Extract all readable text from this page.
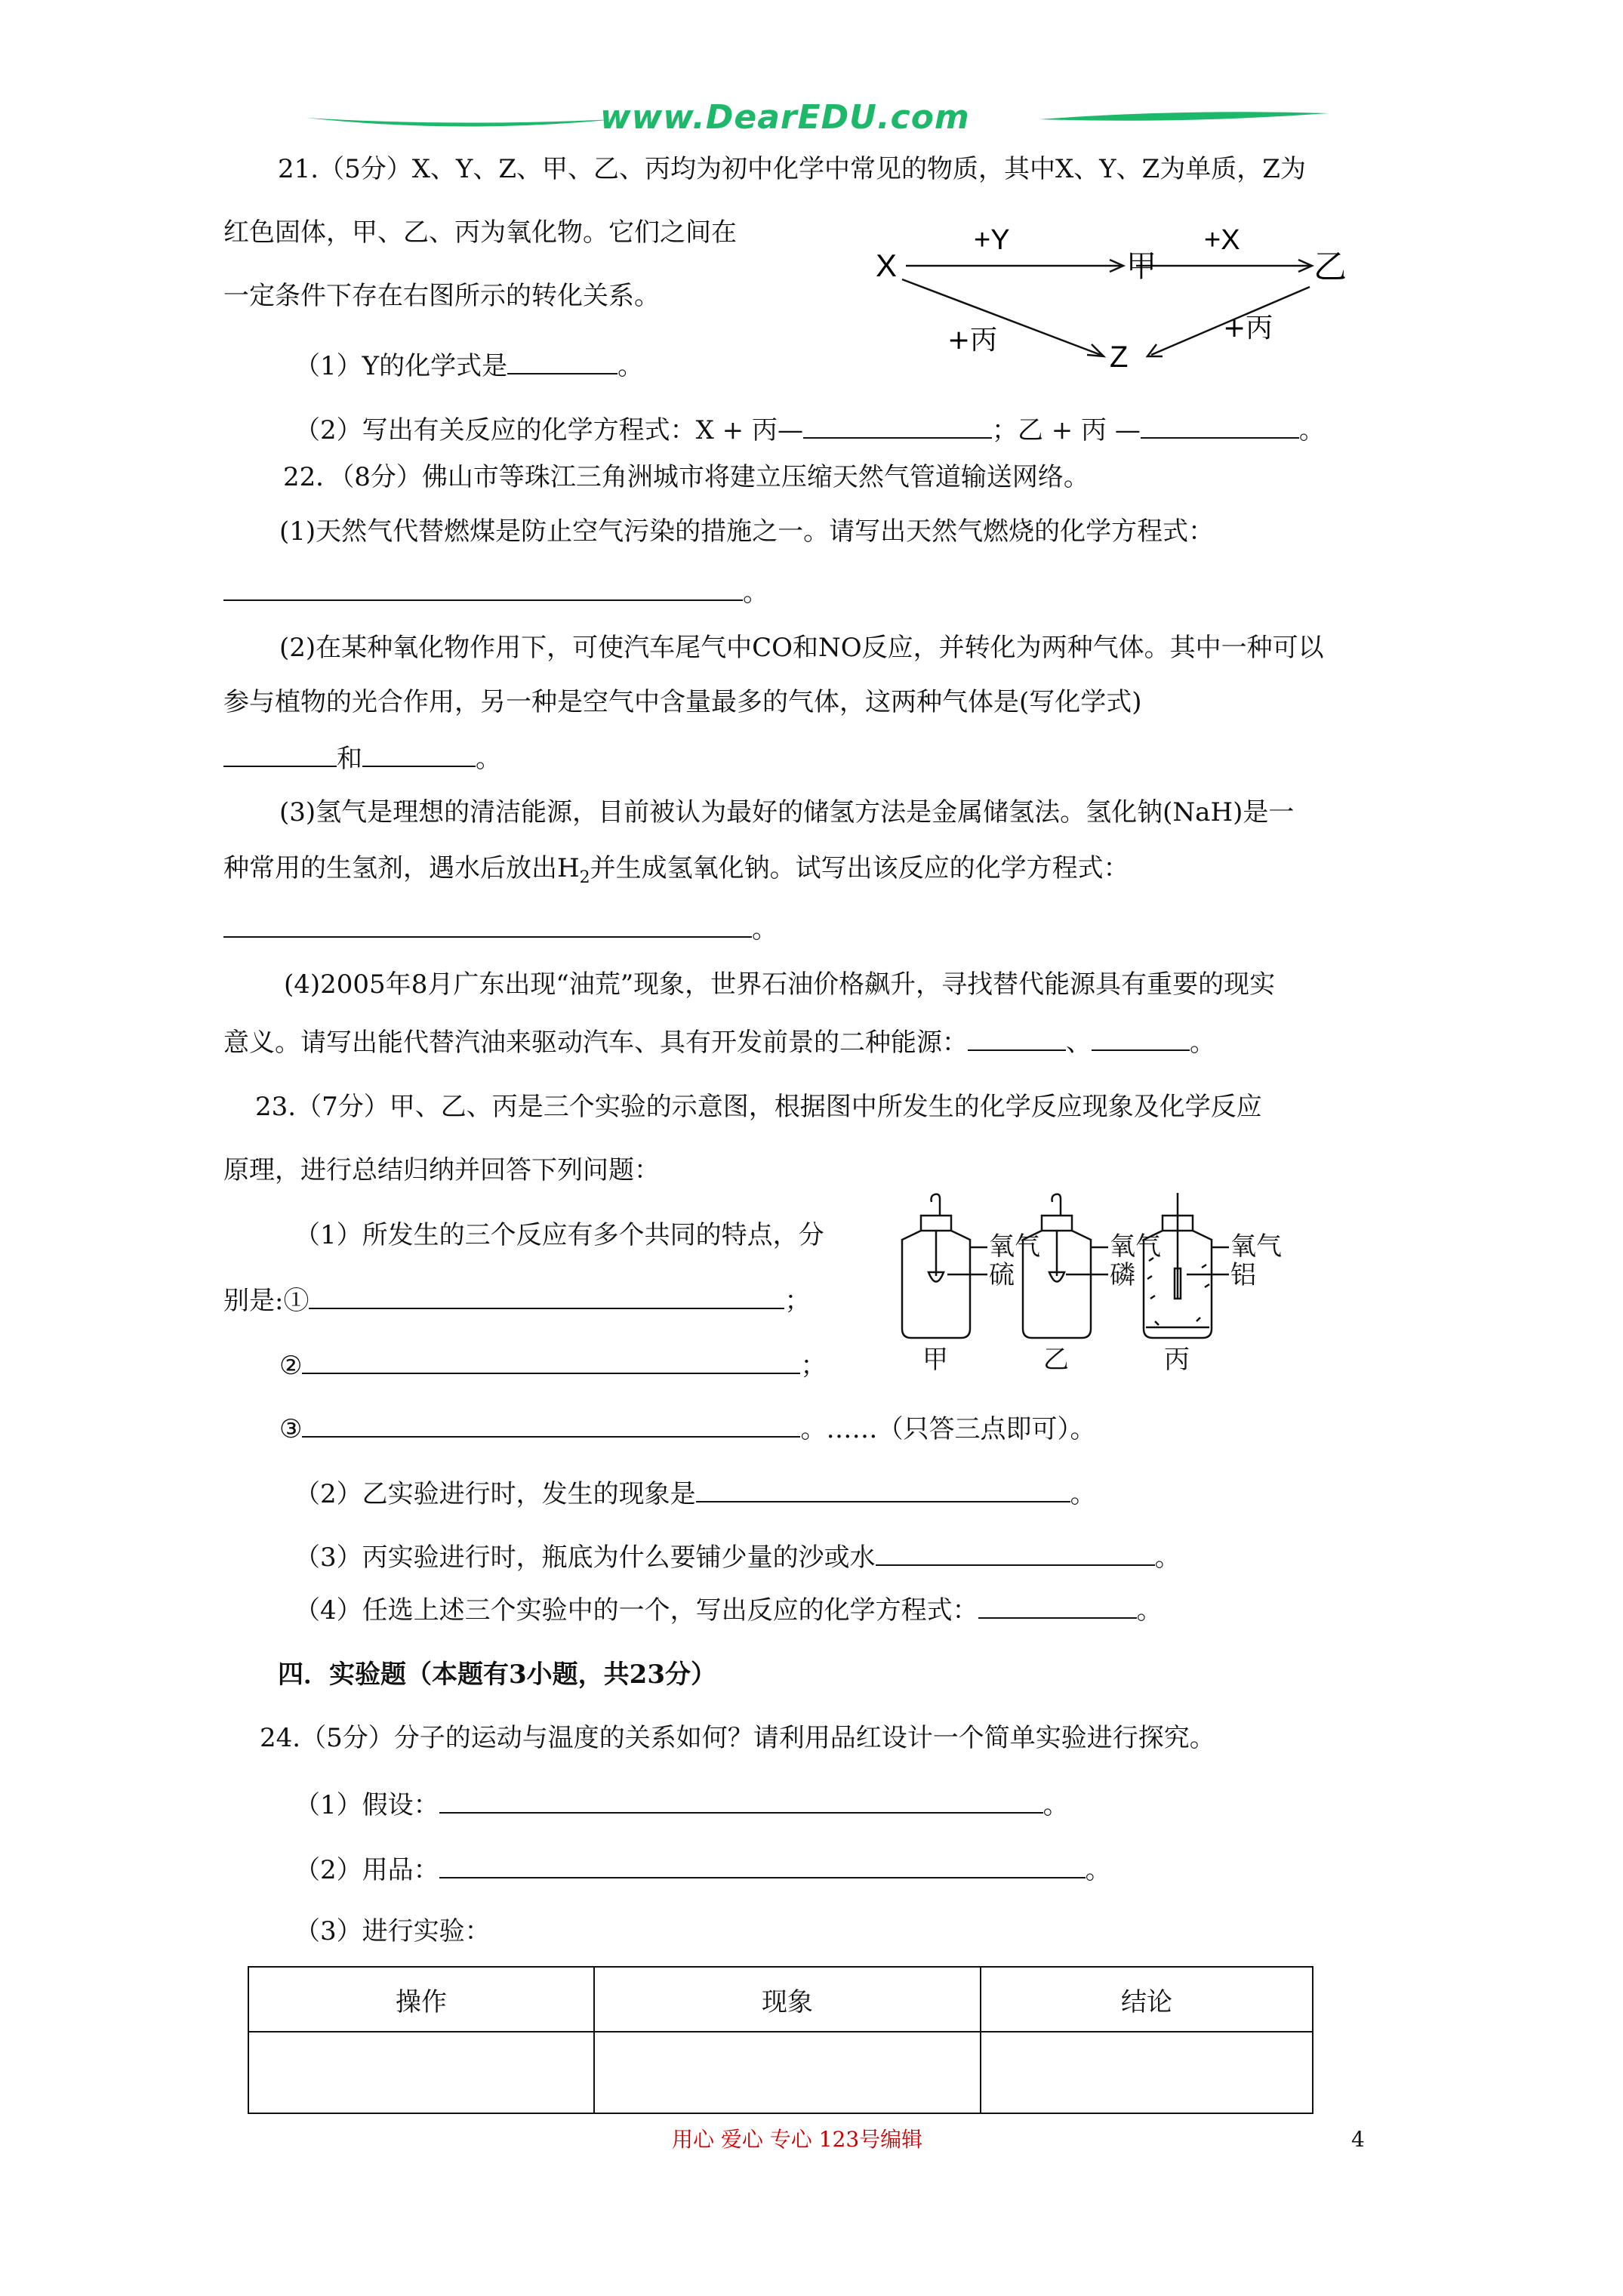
www.DearEDU.com
21.（5分）X、Y、Z、甲、乙、丙均为初中化学中常见的物质，其中X、Y、Z为单质，Z为
红色固体，甲、乙、丙为氧化物。它们之间在
一定条件下存在右图所示的转化关系。
（1）Y的化学式是	。
（2）写出有关反应的化学方程式：X + 丙—	；乙 + 丙 —	。
X	甲	乙
Z
+Y	+X
+丙	+丙
22．（8分）佛山市等珠江三角洲城市将建立压缩天然气管道输送网络。
(1)天然气代替燃煤是防止空气污染的措施之一。请写出天然气燃烧的化学方程式：
。
(2)在某种氧化物作用下，可使汽车尾气中CO和NO反应，并转化为两种气体。其中一种可以
参与植物的光合作用，另一种是空气中含量最多的气体，这两种气体是(写化学式)
和	。
(3)氢气是理想的清洁能源，目前被认为最好的储氢方法是金属储氢法。氢化钠(NaH)是一
种常用的生氢剂，遇水后放出$H_2$并生成氢氧化钠。试写出该反应的化学方程式：
。
(4)2005年8月广东出现“油荒”现象，世界石油价格飙升，寻找替代能源具有重要的现实
意义。请写出能代替汽油来驱动汽车、具有开发前景的二种能源：	、	。
23.（7分）甲、乙、丙是三个实验的示意图，根据图中所发生的化学反应现象及化学反应
原理，进行总结归纳并回答下列问题：
（1）所发生的三个反应有多个共同的特点，分
别是:①	；
②	；
③	。……（只答三点即可）。
（2）乙实验进行时，发生的现象是	。
（3）丙实验进行时，瓶底为什么要铺少量的沙或水	。
（4）任选上述三个实验中的一个，写出反应的化学方程式：	。
氧气
硫
甲
氧气
磷
乙
氧气
铝
丙
四．实验题（本题有3小题，共23分）
24.（5分）分子的运动与温度的关系如何？请利用品红设计一个简单实验进行探究。
（1）假设：	。
（2）用品：	。
（3）进行实验：
操作	现象	结论

用心 爱心 专心 123号编辑	4
